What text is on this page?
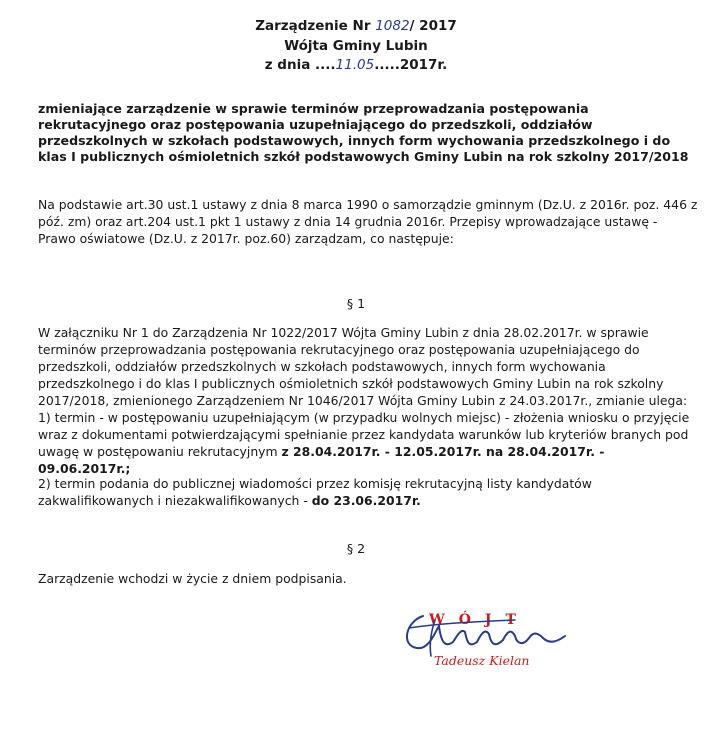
Zarządzenie Nr 1082/ 2017
Wójta Gminy Lubin
z dnia ....11.05.....2017r.
zmieniające zarządzenie w sprawie terminów przeprowadzania postępowania rekrutacyjnego oraz postępowania uzupełniającego do przedszkoli, oddziałów przedszkolnych w szkołach podstawowych, innych form wychowania przedszkolnego i do klas I publicznych ośmioletnich szkół podstawowych Gminy Lubin na rok szkolny 2017/2018
Na podstawie art.30 ust.1 ustawy z dnia 8 marca 1990 o samorządzie gminnym (Dz.U. z 2016r. poz. 446 z póź. zm) oraz art.204 ust.1 pkt 1 ustawy z dnia 14 grudnia 2016r. Przepisy wprowadzające ustawę - Prawo oświatowe (Dz.U. z 2017r. poz.60) zarządzam, co następuje:
§ 1
W załączniku Nr 1 do Zarządzenia Nr 1022/2017 Wójta Gminy Lubin z dnia 28.02.2017r. w sprawie terminów przeprowadzania postępowania rekrutacyjnego oraz postępowania uzupełniającego do przedszkoli, oddziałów przedszkolnych w szkołach podstawowych, innych form wychowania przedszkolnego i do klas I publicznych ośmioletnich szkół podstawowych Gminy Lubin na rok szkolny 2017/2018, zmienionego Zarządzeniem Nr 1046/2017 Wójta Gminy Lubin z 24.03.2017r., zmianie ulega:
1) termin - w postępowaniu uzupełniającym (w przypadku wolnych miejsc) - złożenia wniosku o przyjęcie wraz z dokumentami potwierdzającymi spełnianie przez kandydata warunków lub kryteriów branych pod uwagę w postępowaniu rekrutacyjnym z 28.04.2017r. - 12.05.2017r. na 28.04.2017r. - 09.06.2017r.;
2) termin podania do publicznej wiadomości przez komisję rekrutacyjną listy kandydatów zakwalifikowanych i niezakwalifikowanych - do 23.06.2017r.
§ 2
Zarządzenie wchodzi w życie z dniem podpisania.
WÓJT
Tadeusz Kielan
